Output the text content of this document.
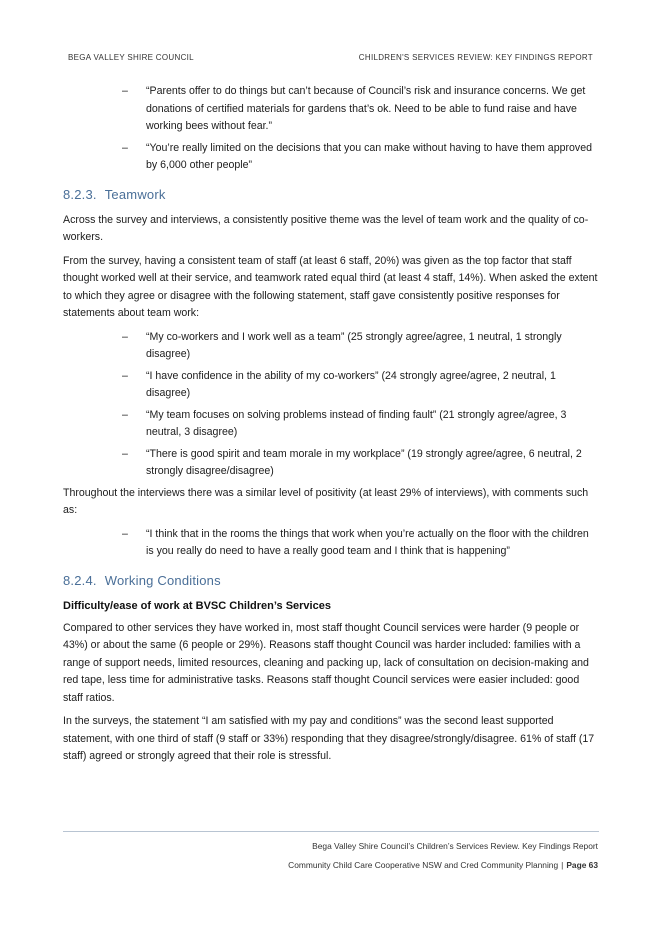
BEGA VALLEY SHIRE COUNCIL	CHILDREN'S SERVICES REVIEW: KEY FINDINGS REPORT
– “Parents offer to do things but can’t because of Council’s risk and insurance concerns. We get donations of certified materials for gardens that’s ok. Need to be able to fund raise and have working bees without fear.”
– “You’re really limited on the decisions that you can make without having to have them approved by 6,000 other people”
8.2.3. Teamwork

Across the survey and interviews, a consistently positive theme was the level of team work and the quality of co-workers.

From the survey, having a consistent team of staff (at least 6 staff, 20%) was given as the top factor that staff thought worked well at their service, and teamwork rated equal third (at least 4 staff, 14%). When asked the extent to which they agree or disagree with the following statement, staff gave consistently positive responses for statements about team work:

– “My co-workers and I work well as a team” (25 strongly agree/agree, 1 neutral, 1 strongly disagree)
– “I have confidence in the ability of my co-workers” (24 strongly agree/agree, 2 neutral, 1 disagree)
– “My team focuses on solving problems instead of finding fault” (21 strongly agree/agree, 3 neutral, 3 disagree)
– “There is good spirit and team morale in my workplace” (19 strongly agree/agree, 6 neutral, 2 strongly disagree/disagree)

Throughout the interviews there was a similar level of positivity (at least 29% of interviews), with comments such as:

– “I think that in the rooms the things that work when you’re actually on the floor with the children is you really do need to have a really good team and I think that is happening”
8.2.4. Working Conditions
Difficulty/ease of work at BVSC Children’s Services

Compared to other services they have worked in, most staff thought Council services were harder (9 people or 43%) or about the same (6 people or 29%). Reasons staff thought Council was harder included: families with a range of support needs, limited resources, cleaning and packing up, lack of consultation on decision-making and red tape, less time for administrative tasks. Reasons staff thought Council services were easier included: good staff ratios.

In the surveys, the statement “I am satisfied with my pay and conditions” was the second least supported statement, with one third of staff (9 staff or 33%) responding that they disagree/strongly/disagree. 61% of staff (17 staff) agreed or strongly agreed that their role is stressful.

Bega Valley Shire Council’s Children’s Services Review. Key Findings Report
Community Child Care Cooperative NSW and Cred Community Planning | Page 63
